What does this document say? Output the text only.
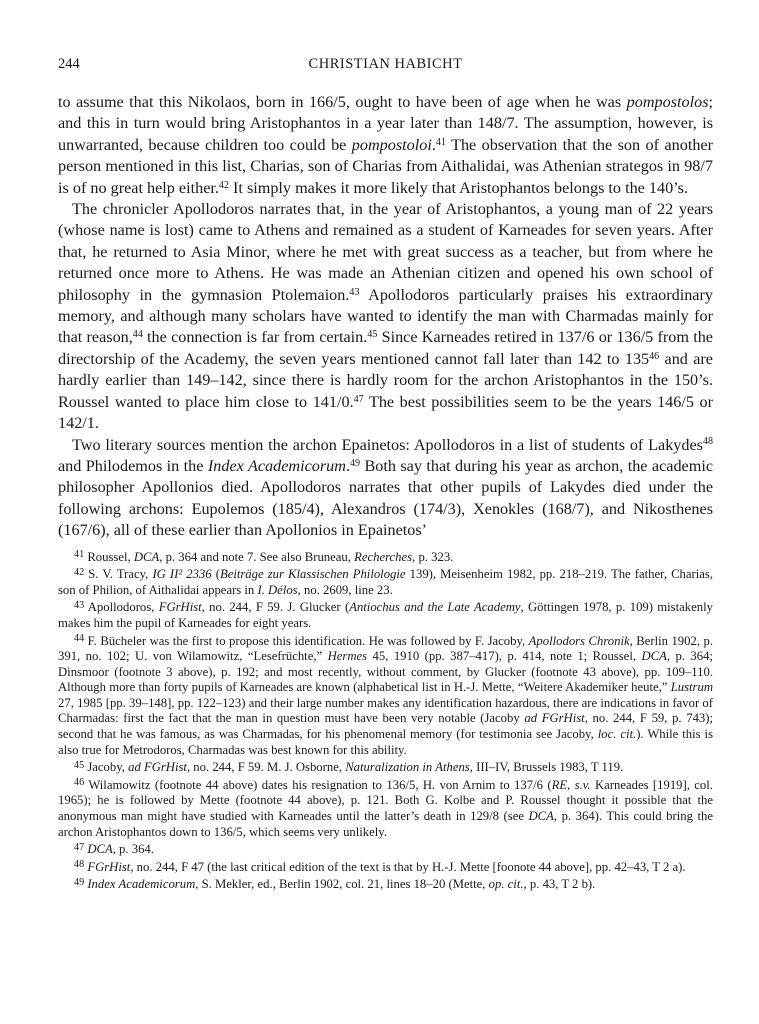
244	CHRISTIAN HABICHT

to assume that this Nikolaos, born in 166/5, ought to have been of age when he was pompostolos; and this in turn would bring Aristophantos in a year later than 148/7. The assumption, however, is unwarranted, because children too could be pompostoloi.$^{41}$ The observation that the son of another person mentioned in this list, Charias, son of Charias from Aithalidai, was Athenian strategos in 98/7 is of no great help either.$^{42}$ It simply makes it more likely that Aristophantos belongs to the 140’s.

The chronicler Apollodoros narrates that, in the year of Aristophantos, a young man of 22 years (whose name is lost) came to Athens and remained as a student of Karneades for seven years. After that, he returned to Asia Minor, where he met with great success as a teacher, but from where he returned once more to Athens. He was made an Athenian citizen and opened his own school of philosophy in the gymnasion Ptolemaion.$^{43}$ Apollodoros particularly praises his extraordinary memory, and although many scholars have wanted to identify the man with Charmadas mainly for that reason,$^{44}$ the connection is far from certain.$^{45}$ Since Karneades retired in 137/6 or 136/5 from the directorship of the Academy, the seven years mentioned cannot fall later than 142 to $135^{46}$ and are hardly earlier than 149–142, since there is hardly room for the archon Aristophantos in the 150’s. Roussel wanted to place him close to 141/0.47 The best possibilities seem to be the years 146/5 or 142/1.

Two literary sources mention the archon Epainetos: Apollodoros in a list of students of Lakydes$^{48}$ and Philodemos in the Index Academicorum.$^{49}$ Both say that during his year as archon, the academic philosopher Apollonios died. Apollodoros narrates that other pupils of Lakydes died under the following archons: Eupolemos (185/4), Alexandros (174/3), Xenokles (168/7), and Nikosthenes (167/6), all of these earlier than Apollonios in Epainetos’

$^{41}$ Roussel, DCA, p. 364 and note 7. See also Bruneau, Recherches, p. 323.

$^{42}$ S. V. Tracy, IG II² 2336 (Beiträge zur Klassischen Philologie 139), Meisenheim 1982, pp. 218–219. The father, Charias, son of Philion, of Aithalidai appears in I. Délos, no. 2609, line 23.

$^{43}$ Apollodoros, FGrHist, no. 244, F 59. J. Glucker (Antiochus and the Late Academy, Göttingen 1978, p. 109) mistakenly makes him the pupil of Karneades for eight years.

$^{44}$ F. Bücheler was the first to propose this identification. He was followed by F. Jacoby, Apollodors Chronik, Berlin 1902, p. 391, no. 102; U. von Wilamowitz, “Lesefrüchte,” Hermes 45, 1910 (pp. 387–417), p. 414, note 1; Roussel, DCA, p. 364; Dinsmoor (footnote 3 above), p. 192; and most recently, without comment, by Glucker (footnote 43 above), pp. 109–110. Although more than forty pupils of Karneades are known (alphabetical list in H.-J. Mette, “Weitere Akademiker heute,” Lustrum 27, 1985 [pp. 39–148], pp. 122–123) and their large number makes any identification hazardous, there are indications in favor of Charmadas: first the fact that the man in question must have been very notable (Jacoby ad FGrHist, no. 244, F 59, p. 743); second that he was famous, as was Charmadas, for his phenomenal memory (for testimonia see Jacoby, loc. cit.). While this is also true for Metrodoros, Charmadas was best known for this ability.

$^{45}$ Jacoby, ad FGrHist, no. 244, F 59. M. J. Osborne, Naturalization in Athens, III–IV, Brussels 1983, T 119.

$^{46}$ Wilamowitz (footnote 44 above) dates his resignation to 136/5, H. von Arnim to 137/6 (RE, s.v. Karneades [1919], col. 1965); he is followed by Mette (footnote 44 above), p. 121. Both G. Kolbe and P. Roussel thought it possible that the anonymous man might have studied with Karneades until the latter’s death in 129/8 (see DCA, p. 364). This could bring the archon Aristophantos down to 136/5, which seems very unlikely.

$^{47}$ DCA, p. 364.

$^{48}$ FGrHist, no. 244, F 47 (the last critical edition of the text is that by H.-J. Mette [foonote 44 above], pp. 42–43, T 2 a).

$^{49}$ Index Academicorum, S. Mekler, ed., Berlin 1902, col. 21, lines 18–20 (Mette, op. cit., p. 43, T 2 b).
